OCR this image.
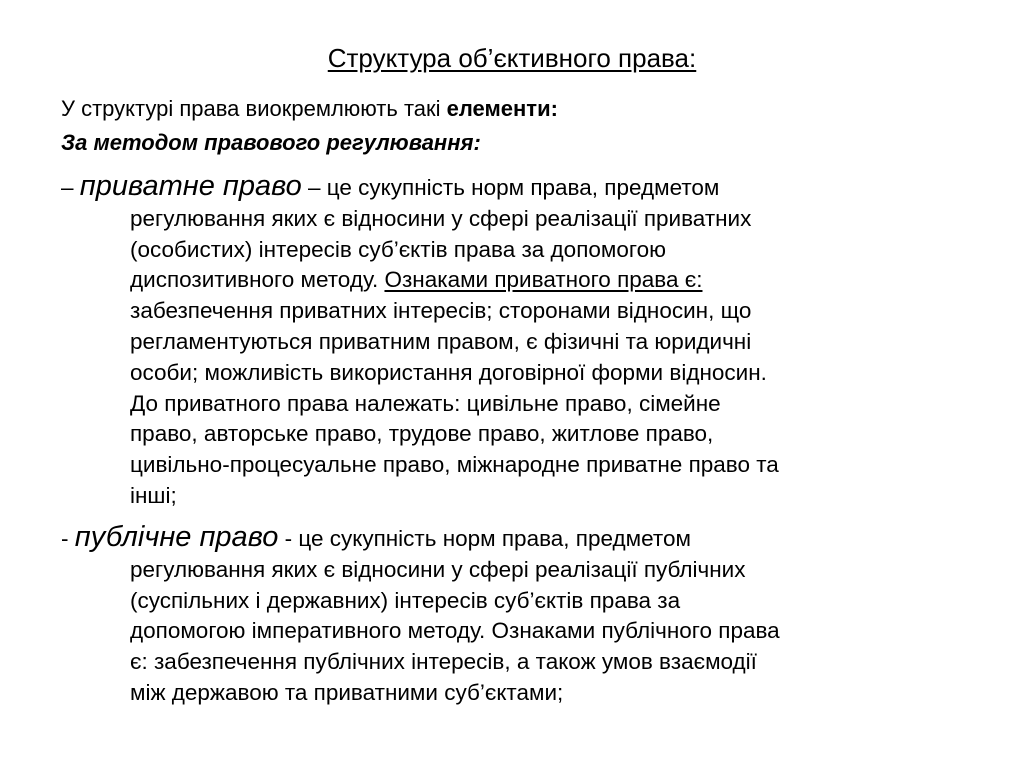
Структура об’єктивного права:
У структурі права виокремлюють такі елементи:
За методом правового регулювання:
– приватне право – це сукупність норм права, предметом
регулювання яких є відносини у сфері реалізації приватних
(особистих) інтересів суб’єктів права за допомогою
диспозитивного методу. Ознаками приватного права є:
забезпечення приватних інтересів; сторонами відносин, що
регламентуються приватним правом, є фізичні та юридичні
особи; можливість використання договірної форми відносин.
До приватного права належать: цивільне право, сімейне
право, авторське право, трудове право, житлове право,
цивільно-процесуальне право, міжнародне приватне право та
інші;
- публічне право - це сукупність норм права, предметом
регулювання яких є відносини у сфері реалізації публічних
(суспільних і державних) інтересів суб’єктів права за
допомогою імперативного методу. Ознаками публічного права
є: забезпечення публічних інтересів, а також умов взаємодії
між державою та приватними суб’єктами;
